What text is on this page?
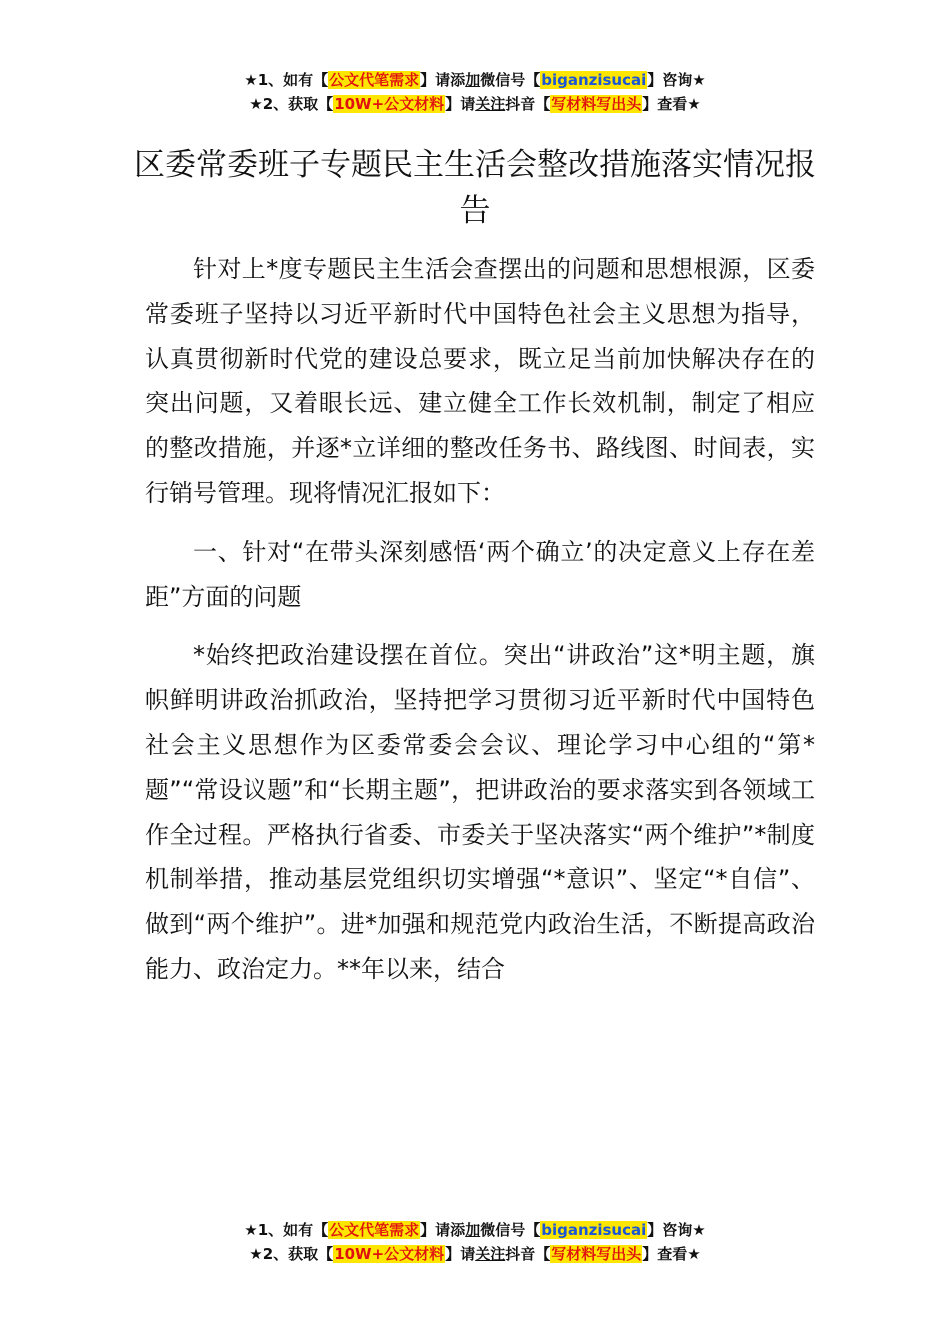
★1、如有【公文代笔需求】请添加微信号【biganzisucai】咨询★
★2、获取【10W+公文材料】请关注抖音【写材料写出头】查看★
区委常委班子专题民主生活会整改措施落实情况报告

针对上*度专题民主生活会查摆出的问题和思想根源，区委常委班子坚持以习近平新时代中国特色社会主义思想为指导，认真贯彻新时代党的建设总要求，既立足当前加快解决存在的突出问题，又着眼长远、建立健全工作长效机制，制定了相应的整改措施，并逐*立详细的整改任务书、路线图、时间表，实行销号管理。现将情况汇报如下：

一、针对“在带头深刻感悟‘两个确立’的决定意义上存在差距”方面的问题

*始终把政治建设摆在首位。突出“讲政治”这*明主题，旗帜鲜明讲政治抓政治，坚持把学习贯彻习近平新时代中国特色社会主义思想作为区委常委会会议、理论学习中心组的“第*题”“常设议题”和“长期主题”，把讲政治的要求落实到各领域工作全过程。严格执行省委、市委关于坚决落实“两个维护”*制度机制举措，推动基层党组织切实增强“*意识”、坚定“*自信”、做到“两个维护”。进*加强和规范党内政治生活，不断提高政治能力、政治定力。**年以来，结合

★1、如有【公文代笔需求】请添加微信号【biganzisucai】咨询★
★2、获取【10W+公文材料】请关注抖音【写材料写出头】查看★
